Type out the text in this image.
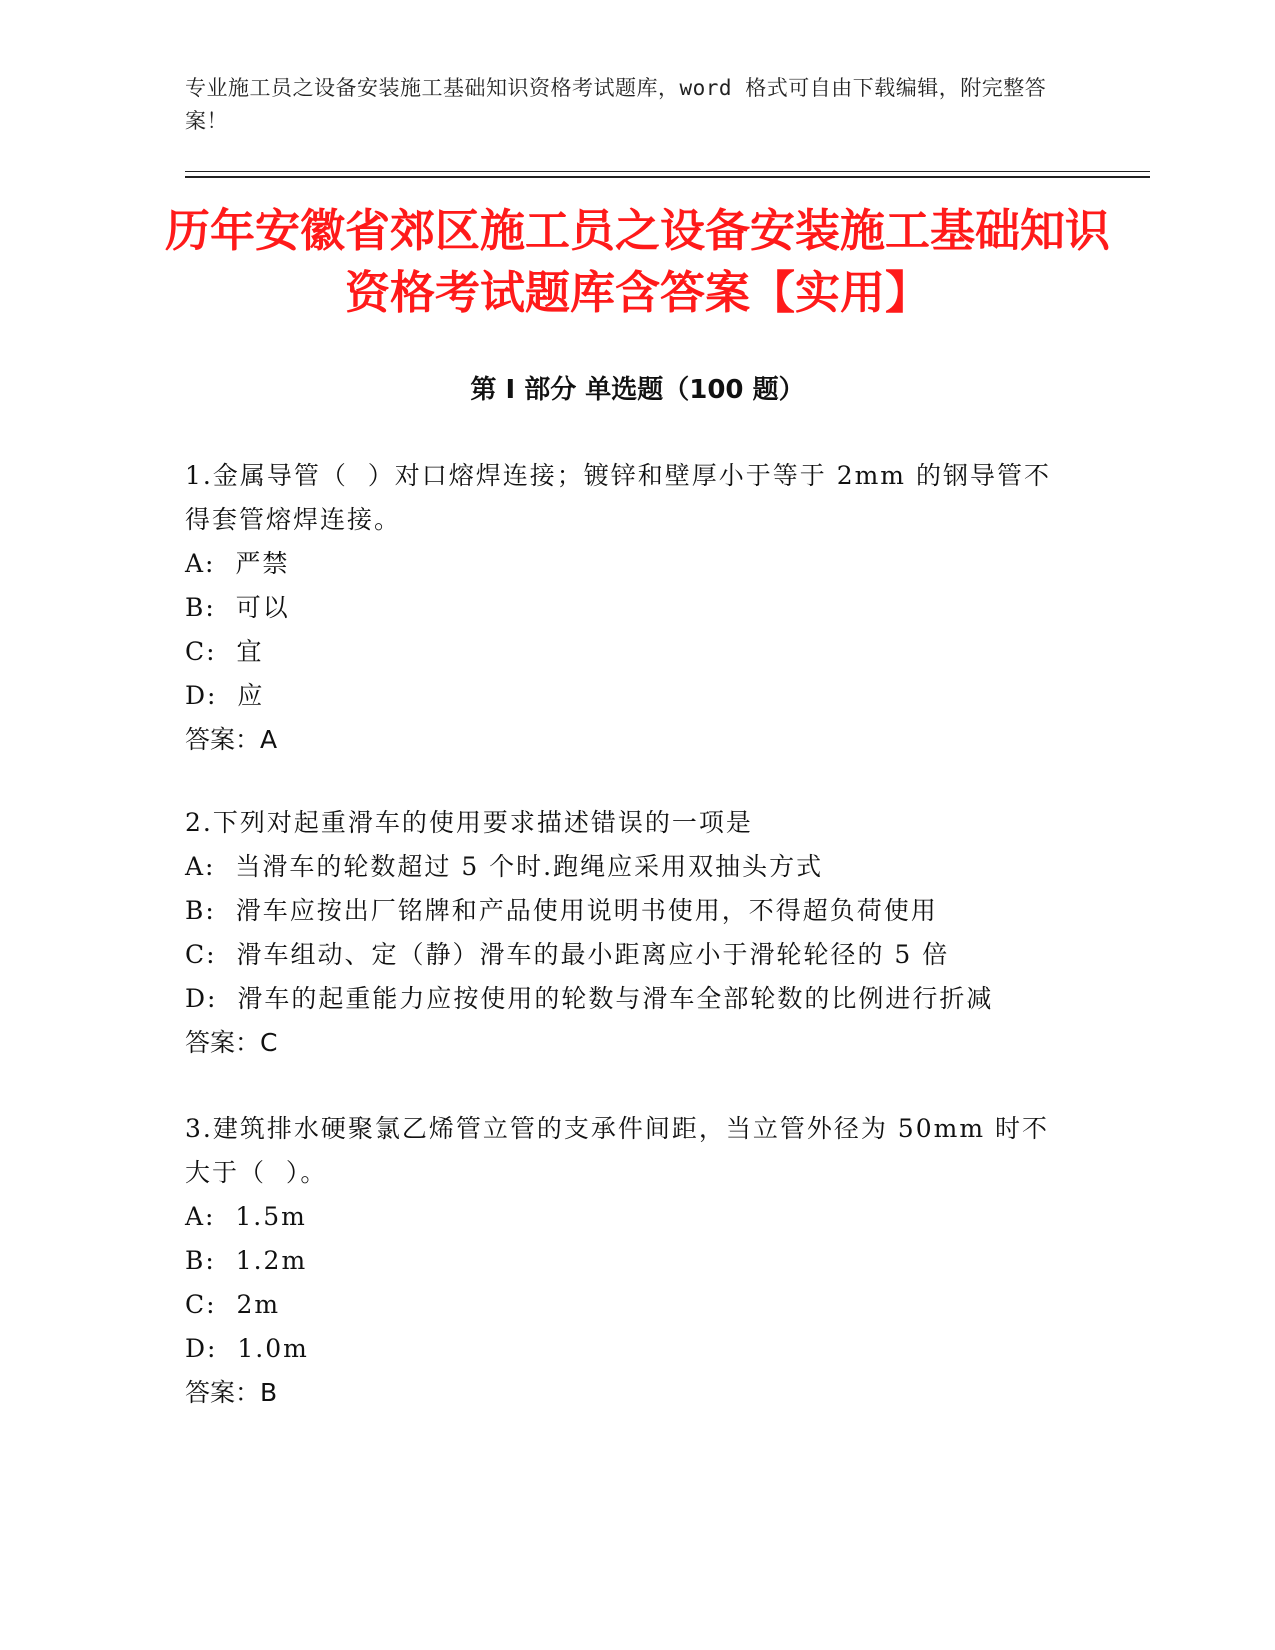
专业施工员之设备安装施工基础知识资格考试题库，word 格式可自由下载编辑，附完整答案！
历年安徽省郊区施工员之设备安装施工基础知识资格考试题库含答案【实用】
第 I 部分 单选题（100 题）

1.金属导管（  ）对口熔焊连接；镀锌和壁厚小于等于 2mm 的钢导管不得套管熔焊连接。

A:  严禁

B:  可以

C:  宜

D:  应

答案：A

2.下列对起重滑车的使用要求描述错误的一项是

A:  当滑车的轮数超过 5 个时.跑绳应采用双抽头方式

B:  滑车应按出厂铭牌和产品使用说明书使用，不得超负荷使用

C:  滑车组动、定（静）滑车的最小距离应小于滑轮轮径的 5 倍

D:  滑车的起重能力应按使用的轮数与滑车全部轮数的比例进行折减

答案：C

3.建筑排水硬聚氯乙烯管立管的支承件间距，当立管外径为 50mm 时不大于（  ）。

A:  1.5m

B:  1.2m

C:  2m

D:  1.0m

答案：B
